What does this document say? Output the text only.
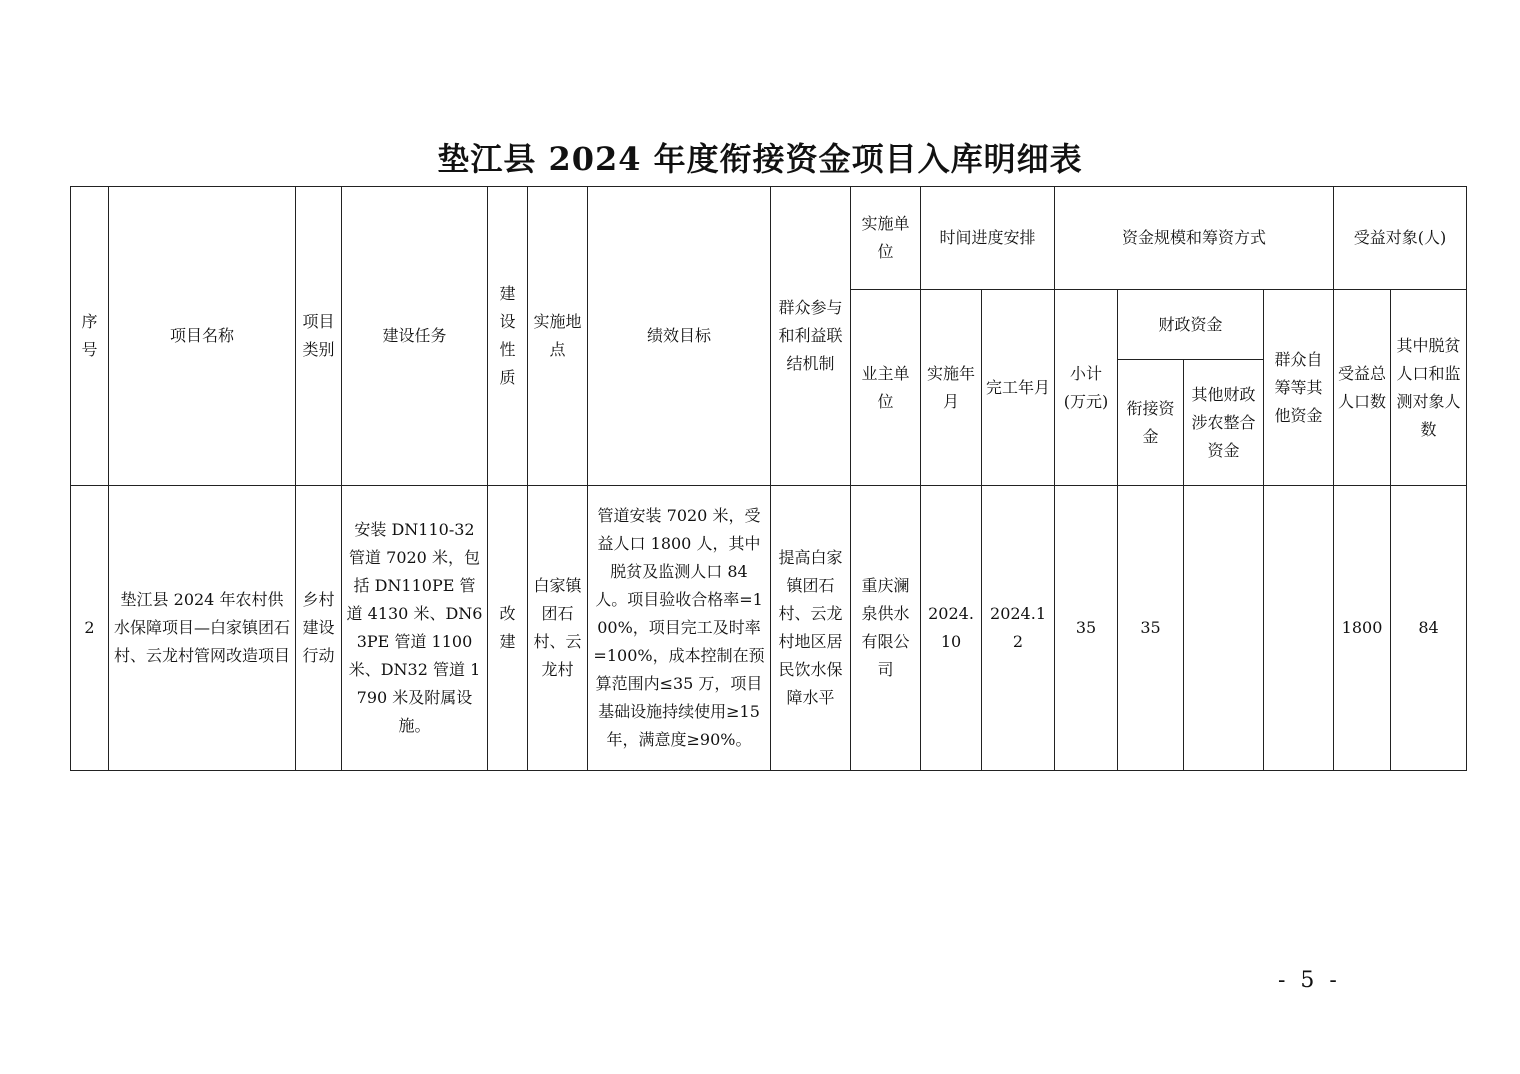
垫江县 2024 年度衔接资金项目入库明细表
序号	项目名称	项目类别	建设任务	建设性质	实施地点	绩效目标	群众参与和利益联结机制	实施单位	时间进度安排		资金规模和筹资方式				受益对象(人)	
								业主单位	实施年月	完工年月	小计(万元)	财政资金		群众自筹等其他资金	受益总人口数	其中脱贫人口和监测对象人数
												衔接资金	其他财政涉农整合资金			
2	垫江县 2024 年农村供水保障项目—白家镇团石村、云龙村管网改造项目	乡村建设行动	安装 DN110-32 管道 7020 米，包括 DN110PE 管道 4130 米、DN63PE 管道 1100 米、DN32 管道 1790 米及附属设施。	改建	白家镇团石村、云龙村	管道安装 7020 米，受益人口 1800 人，其中脱贫及监测人口 84 人。项目验收合格率=100%，项目完工及时率=100%，成本控制在预算范围内≤35 万，项目基础设施持续使用≥15 年，满意度≥90%。	提高白家镇团石村、云龙村地区居民饮水保障水平	重庆澜泉供水有限公司	2024.10	2024.12	35	35			1800	84
- 5 -
